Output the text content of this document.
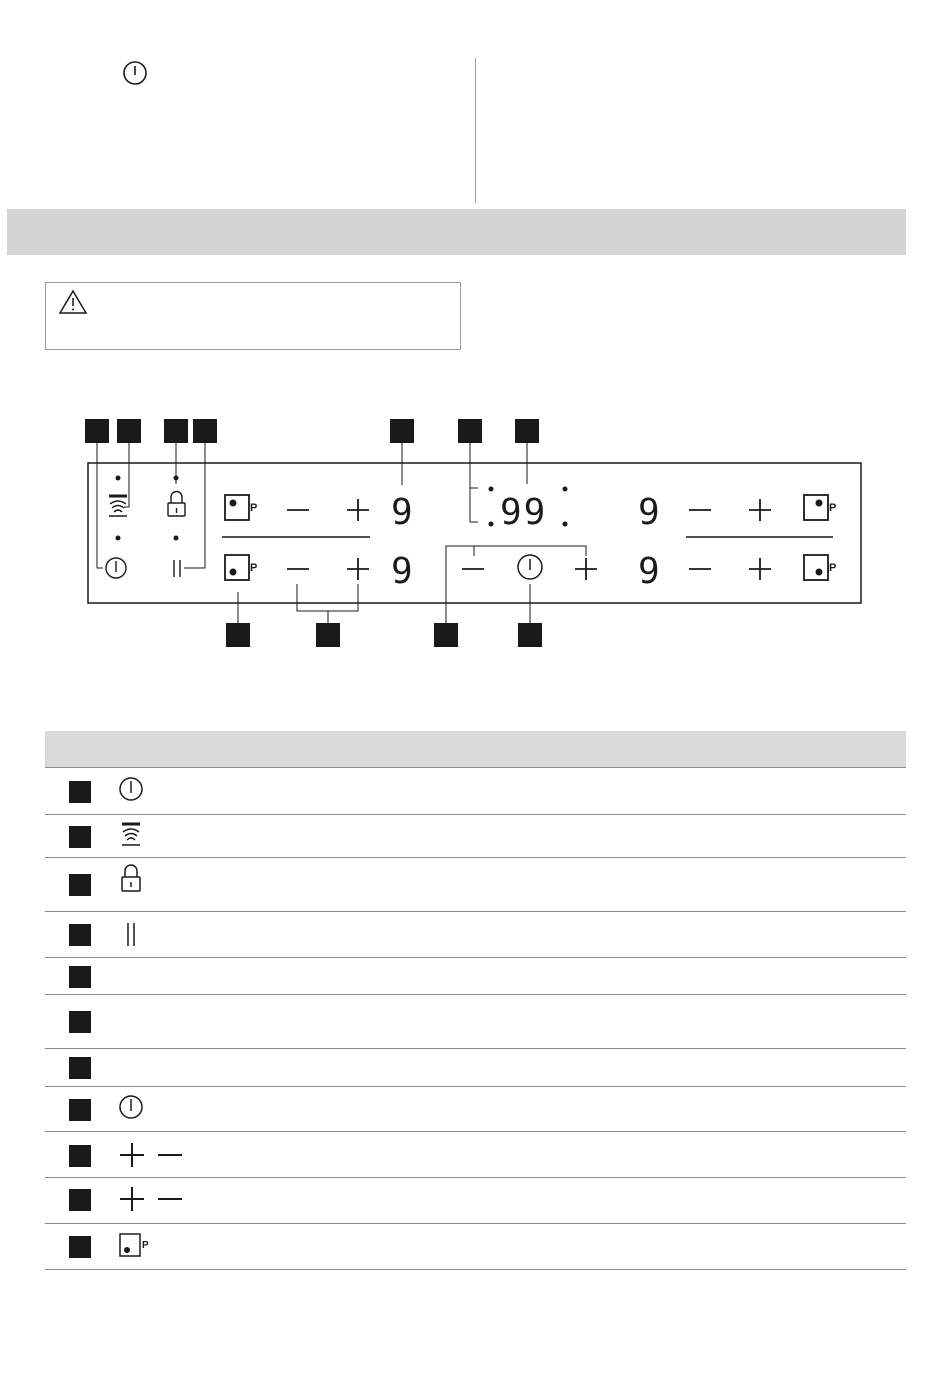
P
P
P
P
9
9
99	9
9
P
